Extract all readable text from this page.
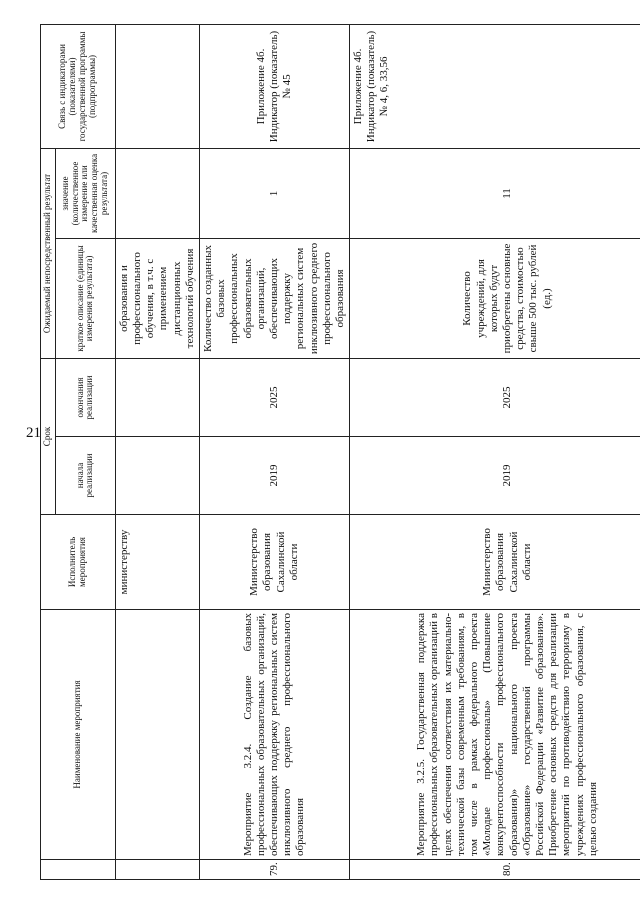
21
	Наименование мероприятия	Исполнитель мероприятия	Срок		Ожидаемый непосредственный результат		Связь с индикаторами (показателями) государственной программы (подпрограммы)
			начала реализации	окончания реализации	краткое описание (единицы измерения результата)	значение (количественное измерение или качественная оценка результата)	
		министерству			образования и профессионального обучения, в т.ч. с применением дистанционных технологий обучения		
79.	Мероприятие 3.2.4. Создание базовых профессиональных образовательных организаций, обеспечивающих поддержку региональных систем инклюзивного среднего профессионального образования	Министерство образования Сахалинской области	2019	2025	Количество созданных базовых профессиональных образовательных организаций, обеспечивающих поддержку региональных систем инклюзивного среднего профессионального образования	1	Приложение 4б. Индикатор (показатель) № 45
80.	Мероприятие 3.2.5. Государственная поддержка профессиональных образовательных организаций в целях обеспечения соответствия их материально-технической базы современным требованиям, в том числе в рамках федерального проекта «Молодые профессионалы» (Повышение конкурентоспособности профессионального образования)» национального проекта «Образование» государственной программы Российской Федерации «Развитие образования». Приобретение основных средств для реализации мероприятий по противодействию терроризму в учреждениях профессионального образования, с целью создания	Министерство образования Сахалинской области	2019	2025	Количество учреждений, для которых будут приобретены основные средства, стоимостью свыше 500 тыс. рублей (ед.)	11	Приложение 4б. Индикатор (показатель) № 4, 6, 33,56
